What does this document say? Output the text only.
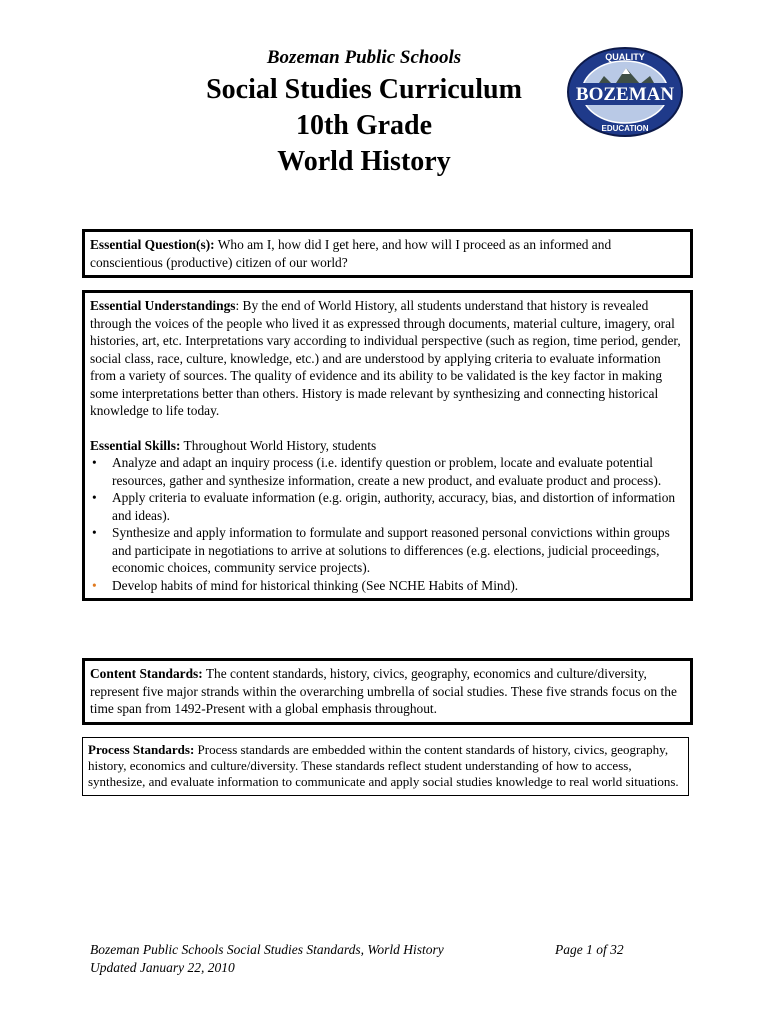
Bozeman Public Schools
Social Studies Curriculum
10th Grade
World History
BOZEMAN
QUALITY
EDUCATION

Essential Question(s): Who am I, how did I get here, and how will I proceed as an informed and conscientious (productive) citizen of our world?

Essential Understandings: By the end of World History, all students understand that history is revealed through the voices of the people who lived it as expressed through documents, material culture, imagery, oral histories, art, etc. Interpretations vary according to individual perspective (such as region, time period, gender, social class, race, culture, knowledge, etc.) and are understood by applying criteria to evaluate information from a variety of sources. The quality of evidence and its ability to be validated is the key factor in making some interpretations better than others. History is made relevant by synthesizing and connecting historical knowledge to life today.

Essential Skills: Throughout World History, students

• Analyze and adapt an inquiry process (i.e. identify question or problem, locate and evaluate potential resources, gather and synthesize information, create a new product, and evaluate product and process).
• Apply criteria to evaluate information (e.g. origin, authority, accuracy, bias, and distortion of information and ideas).
• Synthesize and apply information to formulate and support reasoned personal convictions within groups and participate in negotiations to arrive at solutions to differences (e.g. elections, judicial proceedings, economic choices, community service projects).
• Develop habits of mind for historical thinking (See NCHE Habits of Mind).

Content Standards: The content standards, history, civics, geography, economics and culture/diversity, represent five major strands within the overarching umbrella of social studies. These five strands focus on the time span from 1492-Present with a global emphasis throughout.

Process Standards: Process standards are embedded within the content standards of history, civics, geography, history, economics and culture/diversity. These standards reflect student understanding of how to access, synthesize, and evaluate information to communicate and apply social studies knowledge to real world situations.

Bozeman Public Schools Social Studies Standards, World History	Page 1 of 32
Updated January 22, 2010
